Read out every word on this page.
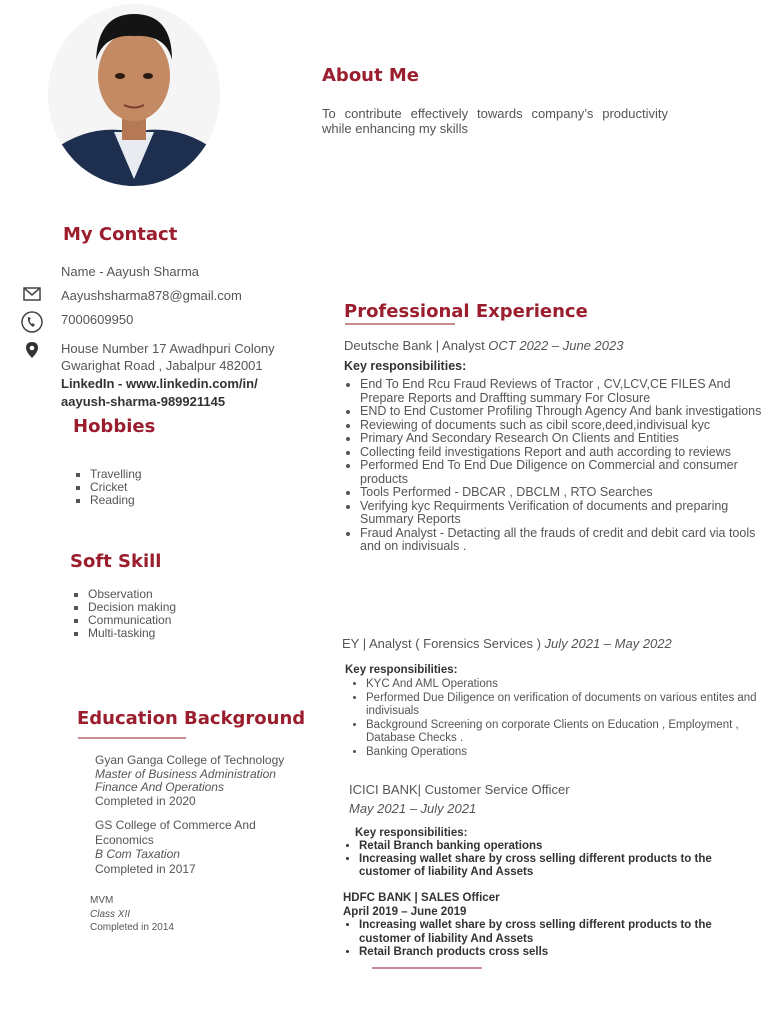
About Me
To contribute effectively towards company’s productivity while enhancing my skills
My Contact
Name - Aayush Sharma
Aayushsharma878@gmail.com
7000609950
House Number 17 Awadhpuri Colony
Gwarighat Road , Jabalpur 482001
LinkedIn - www.linkedin.com/in/
aayush-sharma-989921145
Hobbies
▪ Travelling
▪ Cricket
▪ Reading
Soft Skill
▪ Observation
▪ Decision making
▪ Communication
▪ Multi-tasking
Education Background
Gyan Ganga College of Technology
Master of Business Administration
Finance And Operations
Completed in 2020
GS College of Commerce And Economics
B Com Taxation
Completed in 2017
MVM
Class XII
Completed in 2014
Professional Experience
Deutsche Bank | Analyst OCT 2022 – June 2023
Key responsibilities:
• End To End Rcu Fraud Reviews of Tractor , CV,LCV,CE FILES And Prepare Reports and Draffting summary For Closure
• END to End Customer Profiling Through Agency And bank investigations
• Reviewing of documents such as cibil score,deed,indivisual kyc
• Primary And Secondary Research On Clients and Entities
• Collecting feild investigations Report and auth according to reviews
• Performed End To End Due Diligence on Commercial and consumer products
• Tools Performed - DBCAR , DBCLM , RTO Searches
• Verifying kyc Requirments Verification of documents and preparing Summary Reports
• Fraud Analyst - Detacting all the frauds of credit and debit card via tools and on indivisuals .
EY | Analyst ( Forensics Services ) July 2021 – May 2022
Key responsibilities:
• KYC And AML Operations
• Performed Due Diligence on verification of documents on various entites and indivisuals
• Background Screening on corporate Clients on Education , Employment , Database Checks .
• Banking Operations
ICICI BANK| Customer Service Officer
May 2021 – July 2021
Key responsibilities:
• Retail Branch banking operations
• Increasing wallet share by cross selling different products to the customer of liability And Assets
HDFC BANK | SALES Officer
April 2019 – June 2019
• Increasing wallet share by cross selling different products to the customer of liability And Assets
• Retail Branch products cross sells
